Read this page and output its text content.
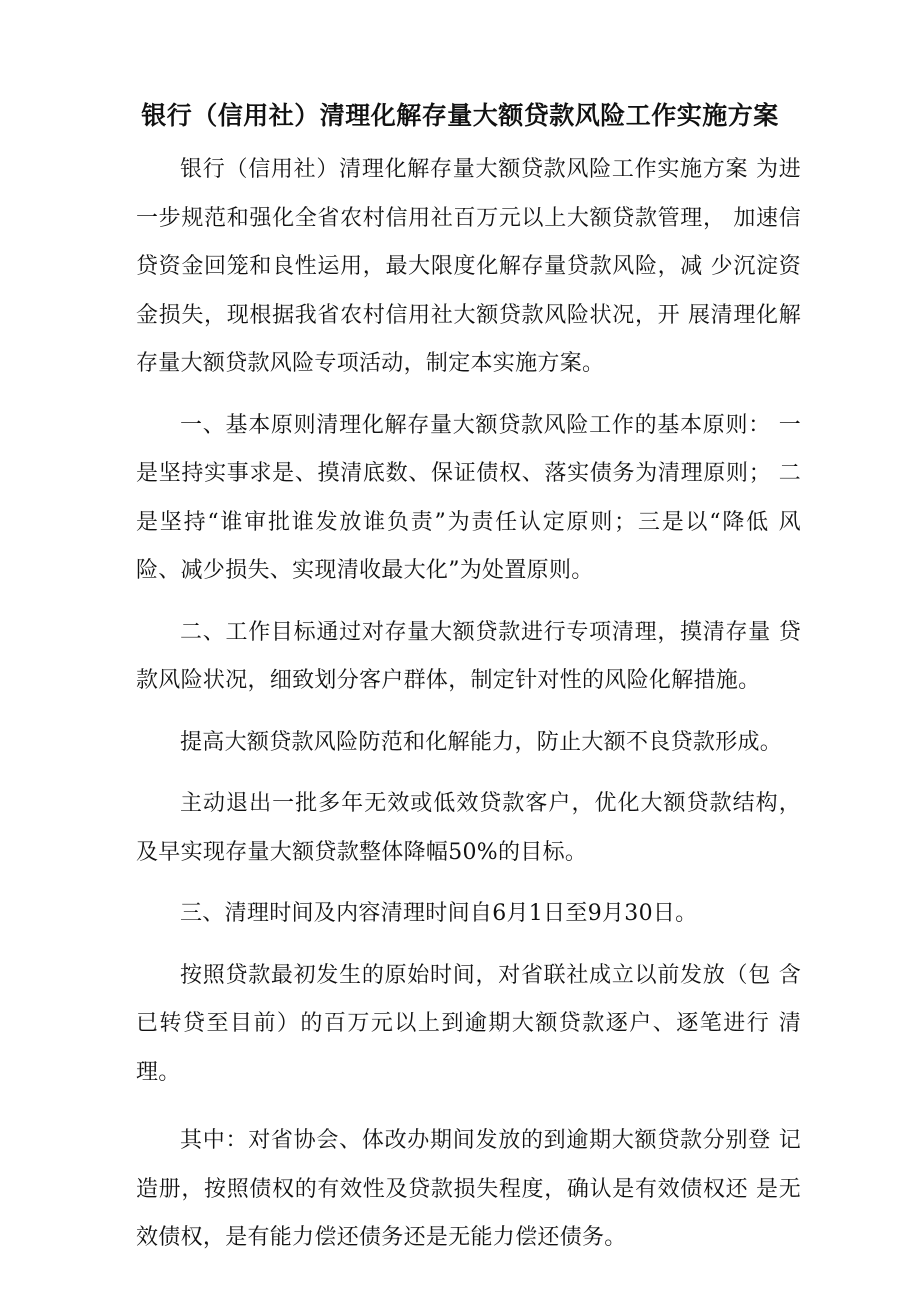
银行（信用社）清理化解存量大额贷款风险工作实施方案

银行（信用社）清理化解存量大额贷款风险工作实施方案 为进一步规范和强化全省农村信用社百万元以上大额贷款管理， 加速信贷资金回笼和良性运用，最大限度化解存量贷款风险，减 少沉淀资金损失，现根据我省农村信用社大额贷款风险状况，开 展清理化解存量大额贷款风险专项活动，制定本实施方案。

一、基本原则清理化解存量大额贷款风险工作的基本原则： 一是坚持实事求是、摸清底数、保证债权、落实债务为清理原则； 二是坚持“谁审批谁发放谁负责”为责任认定原则；三是以“降低 风险、减少损失、实现清收最大化”为处置原则。

二、工作目标通过对存量大额贷款进行专项清理，摸清存量 贷款风险状况，细致划分客户群体，制定针对性的风险化解措施。

提高大额贷款风险防范和化解能力，防止大额不良贷款形成。

主动退出一批多年无效或低效贷款客户，优化大额贷款结构，及早实现存量大额贷款整体降幅50%的目标。

三、清理时间及内容清理时间自6月1日至9月30日。

按照贷款最初发生的原始时间，对省联社成立以前发放（包 含已转贷至目前）的百万元以上到逾期大额贷款逐户、逐笔进行 清理。

其中：对省协会、体改办期间发放的到逾期大额贷款分别登 记造册，按照债权的有效性及贷款损失程度，确认是有效债权还 是无效债权，是有能力偿还债务还是无能力偿还债务。
